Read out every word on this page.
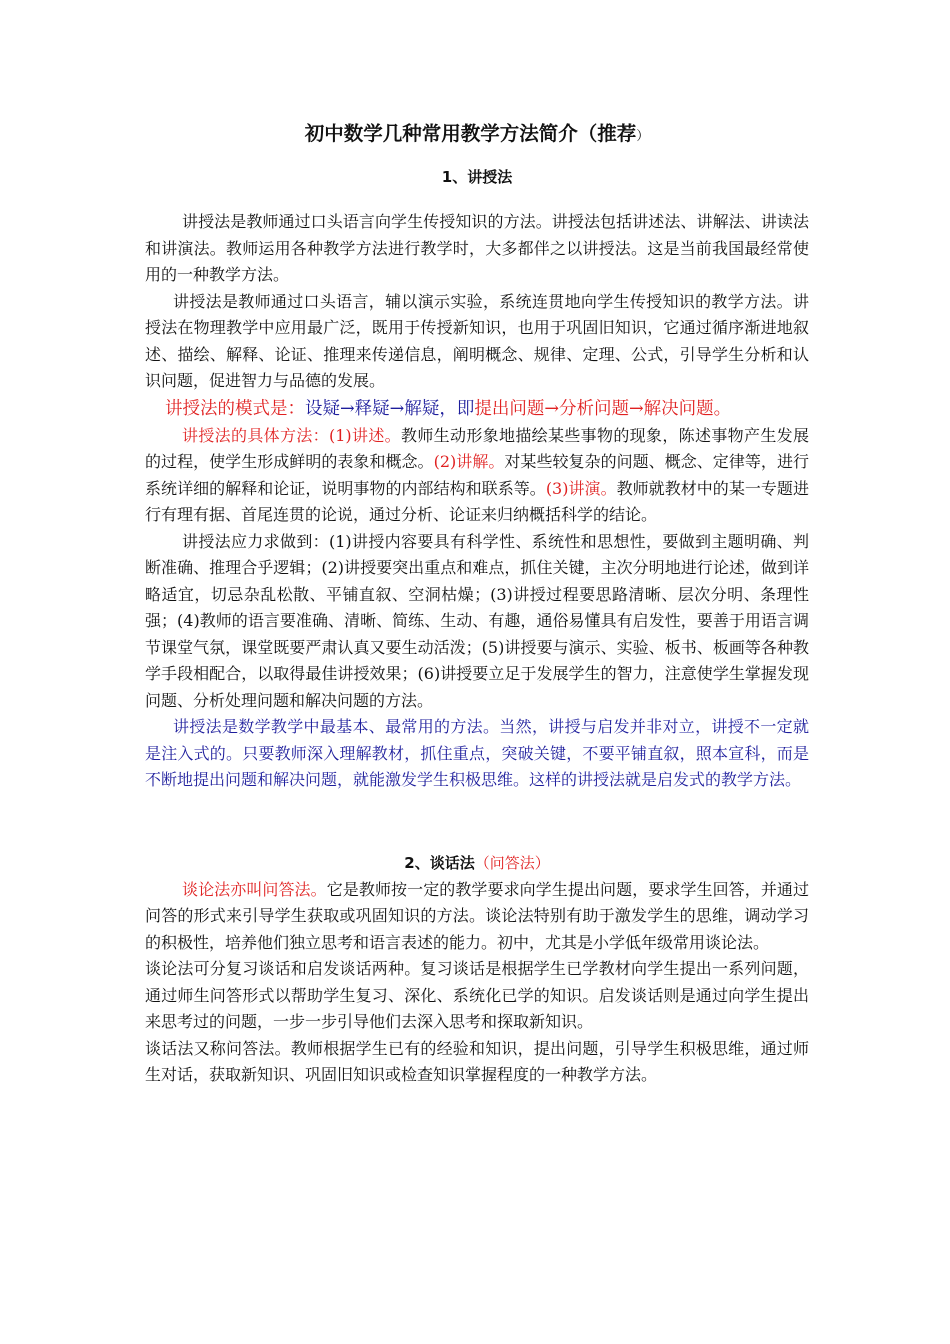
初中数学几种常用教学方法简介（推荐）
1、讲授法

讲授法是教师通过口头语言向学生传授知识的方法。讲授法包括讲述法、讲解法、讲读法和讲演法。教师运用各种教学方法进行教学时，大多都伴之以讲授法。这是当前我国最经常使用的一种教学方法。

讲授法是教师通过口头语言，辅以演示实验，系统连贯地向学生传授知识的教学方法。讲授法在物理教学中应用最广泛，既用于传授新知识，也用于巩固旧知识，它通过循序渐进地叙述、描绘、解释、论证、推理来传递信息，阐明概念、规律、定理、公式，引导学生分析和认识问题，促进智力与品德的发展。

讲授法的模式是：设疑→释疑→解疑，即提出问题→分析问题→解决问题。

讲授法的具体方法：(1)讲述。教师生动形象地描绘某些事物的现象，陈述事物产生发展的过程，使学生形成鲜明的表象和概念。(2)讲解。对某些较复杂的问题、概念、定律等，进行系统详细的解释和论证，说明事物的内部结构和联系等。(3)讲演。教师就教材中的某一专题进行有理有据、首尾连贯的论说，通过分析、论证来归纳概括科学的结论。

讲授法应力求做到：(1)讲授内容要具有科学性、系统性和思想性，要做到主题明确、判断准确、推理合乎逻辑；(2)讲授要突出重点和难点，抓住关键，主次分明地进行论述，做到详略适宜，切忌杂乱松散、平铺直叙、空洞枯燥；(3)讲授过程要思路清晰、层次分明、条理性强；(4)教师的语言要准确、清晰、简练、生动、有趣，通俗易懂具有启发性，要善于用语言调节课堂气氛，课堂既要严肃认真又要生动活泼；(5)讲授要与演示、实验、板书、板画等各种教学手段相配合，以取得最佳讲授效果；(6)讲授要立足于发展学生的智力，注意使学生掌握发现问题、分析处理问题和解决问题的方法。

讲授法是数学教学中最基本、最常用的方法。当然，讲授与启发并非对立，讲授不一定就是注入式的。只要教师深入理解教材，抓住重点，突破关键，不要平铺直叙，照本宣科，而是不断地提出问题和解决问题，就能激发学生积极思维。这样的讲授法就是启发式的教学方法。

2、谈话法（问答法）

谈论法亦叫问答法。它是教师按一定的教学要求向学生提出问题，要求学生回答，并通过问答的形式来引导学生获取或巩固知识的方法。谈论法特别有助于激发学生的思维，调动学习的积极性，培养他们独立思考和语言表述的能力。初中，尤其是小学低年级常用谈论法。

谈论法可分复习谈话和启发谈话两种。复习谈话是根据学生已学教材向学生提出一系列问题，通过师生问答形式以帮助学生复习、深化、系统化已学的知识。启发谈话则是通过向学生提出来思考过的问题，一步一步引导他们去深入思考和探取新知识。

谈话法又称问答法。教师根据学生已有的经验和知识，提出问题，引导学生积极思维，通过师生对话，获取新知识、巩固旧知识或检查知识掌握程度的一种教学方法。
